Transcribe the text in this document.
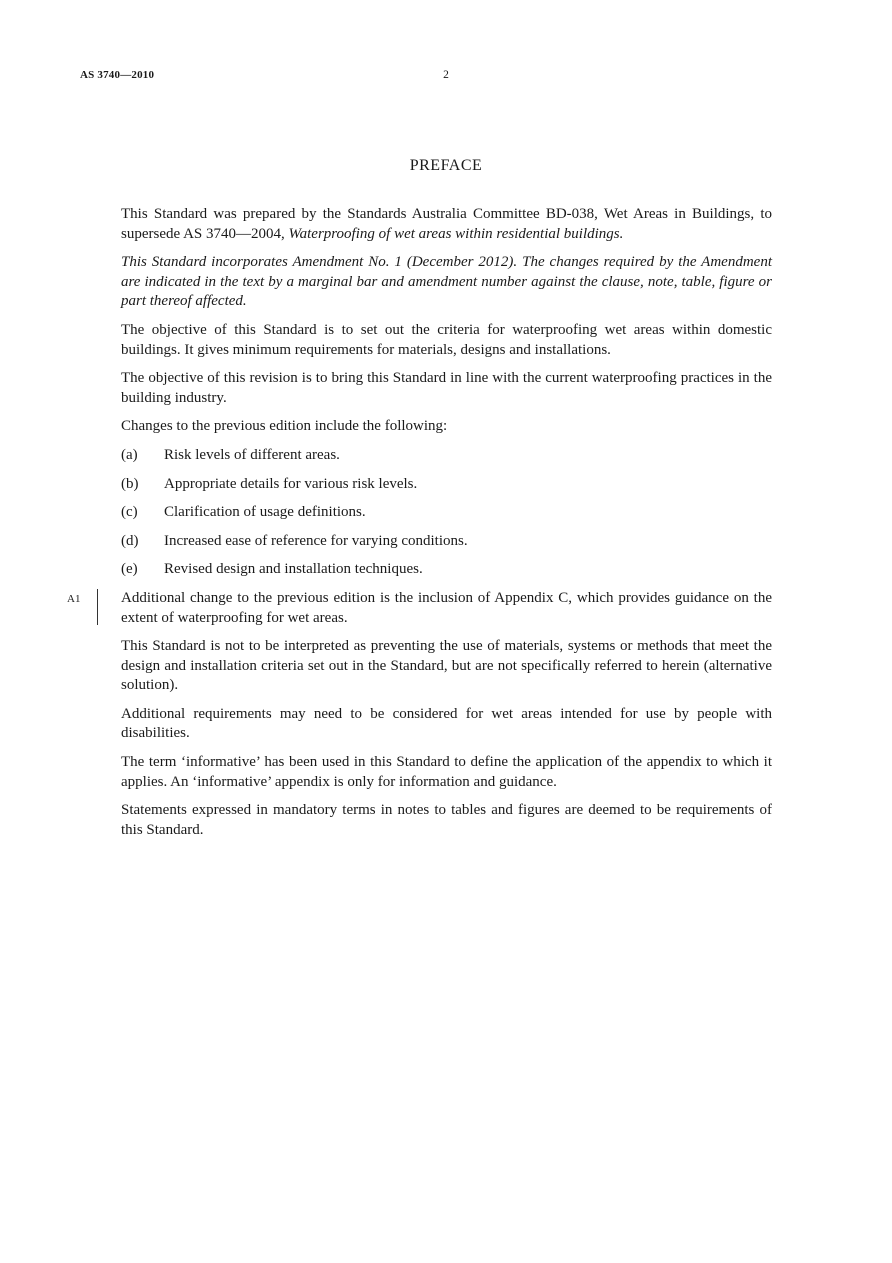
AS 3740—2010	2
PREFACE

This Standard was prepared by the Standards Australia Committee BD-038, Wet Areas in Buildings, to supersede AS 3740—2004, Waterproofing of wet areas within residential buildings.

This Standard incorporates Amendment No. 1 (December 2012). The changes required by the Amendment are indicated in the text by a marginal bar and amendment number against the clause, note, table, figure or part thereof affected.

The objective of this Standard is to set out the criteria for waterproofing wet areas within domestic buildings. It gives minimum requirements for materials, designs and installations.

The objective of this revision is to bring this Standard in line with the current waterproofing practices in the building industry.

Changes to the previous edition include the following:

(a)	Risk levels of different areas.
(b)	Appropriate details for various risk levels.
(c)	Clarification of usage definitions.
(d)	Increased ease of reference for varying conditions.
(e)	Revised design and installation techniques.

A1	Additional change to the previous edition is the inclusion of Appendix C, which provides guidance on the extent of waterproofing for wet areas.

This Standard is not to be interpreted as preventing the use of materials, systems or methods that meet the design and installation criteria set out in the Standard, but are not specifically referred to herein (alternative solution).

Additional requirements may need to be considered for wet areas intended for use by people with disabilities.

The term ‘informative’ has been used in this Standard to define the application of the appendix to which it applies. An ‘informative’ appendix is only for information and guidance.

Statements expressed in mandatory terms in notes to tables and figures are deemed to be requirements of this Standard.
